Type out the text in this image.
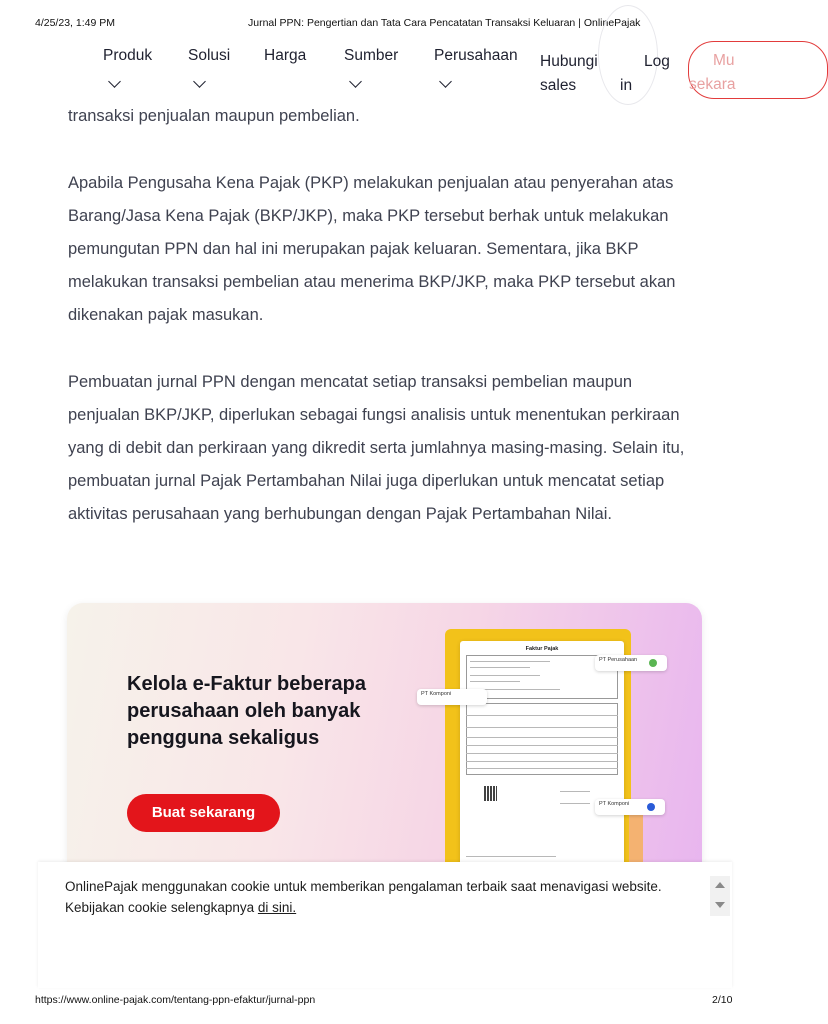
4/25/23, 1:49 PM	Jurnal PPN: Pengertian dan Tata Cara Pencatatan Transaksi Keluaran | OnlinePajak
Produk Solusi Harga Sumber Perusahaan Hubungi
sales
Log
in
Mu
sekara

transaksi penjualan maupun pembelian.

Apabila Pengusaha Kena Pajak (PKP) melakukan penjualan atau penyerahan atas Barang/Jasa Kena Pajak (BKP/JKP), maka PKP tersebut berhak untuk melakukan pemungutan PPN dan hal ini merupakan pajak keluaran. Sementara, jika BKP melakukan transaksi pembelian atau menerima BKP/JKP, maka PKP tersebut akan dikenakan pajak masukan.

Pembuatan jurnal PPN dengan mencatat setiap transaksi pembelian maupun penjualan BKP/JKP, diperlukan sebagai fungsi analisis untuk menentukan perkiraan yang di debit dan perkiraan yang dikredit serta jumlahnya masing-masing. Selain itu, pembuatan jurnal Pajak Pertambahan Nilai juga diperlukan untuk mencatat setiap aktivitas perusahaan yang berhubungan dengan Pajak Pertambahan Nilai.

Kelola e-Faktur beberapa perusahaan oleh banyak pengguna sekaligus
Buat sekarang
Faktur Pajak
PT Komponi
PT Perusahaan
PT Komponi
OnlinePajak menggunakan cookie untuk memberikan pengalaman terbaik saat menavigasi website. Kebijakan cookie selengkapnya di sini.
https://www.online-pajak.com/tentang-ppn-efaktur/jurnal-ppn	2/10
